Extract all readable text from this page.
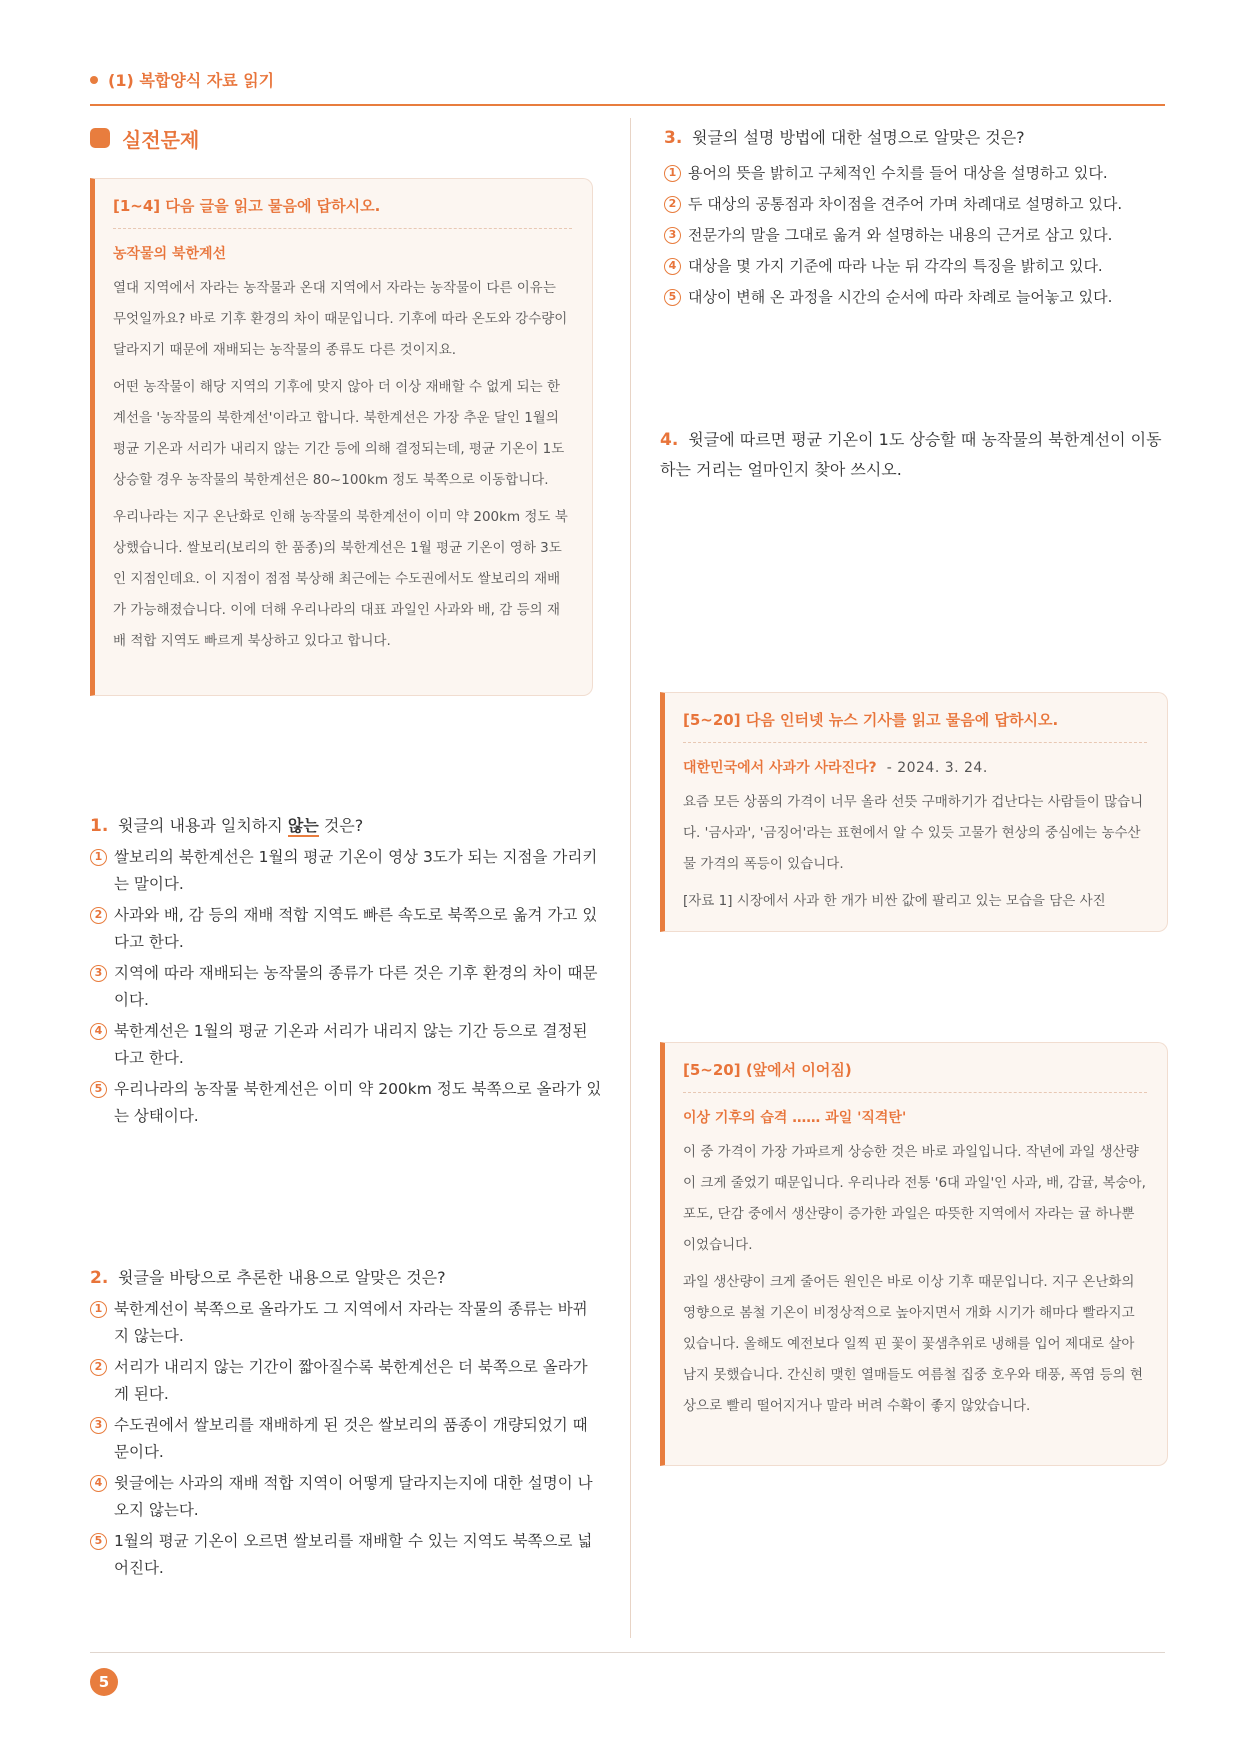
(1) 복합양식 자료 읽기
실전문제
[1~4] 다음 글을 읽고 물음에 답하시오.
농작물의 북한계선

열대 지역에서 자라는 농작물과 온대 지역에서 자라는 농작물이 다른 이유는 무엇일까요? 바로 기후 환경의 차이 때문입니다. 기후에 따라 온도와 강수량이 달라지기 때문에 재배되는 농작물의 종류도 다른 것이지요.

어떤 농작물이 해당 지역의 기후에 맞지 않아 더 이상 재배할 수 없게 되는 한계선을 '농작물의 북한계선'이라고 합니다. 북한계선은 가장 추운 달인 1월의 평균 기온과 서리가 내리지 않는 기간 등에 의해 결정되는데, 평균 기온이 1도 상승할 경우 농작물의 북한계선은 80~100km 정도 북쪽으로 이동합니다.

우리나라는 지구 온난화로 인해 농작물의 북한계선이 이미 약 200km 정도 북상했습니다. 쌀보리(보리의 한 품종)의 북한계선은 1월 평균 기온이 영하 3도인 지점인데요. 이 지점이 점점 북상해 최근에는 수도권에서도 쌀보리의 재배가 가능해졌습니다. 이에 더해 우리나라의 대표 과일인 사과와 배, 감 등의 재배 적합 지역도 빠르게 북상하고 있다고 합니다.

1. 윗글의 내용과 일치하지 않는 것은?
1 쌀보리의 북한계선은 1월의 평균 기온이 영상 3도가 되는 지점을 가리키는 말이다.
2 사과와 배, 감 등의 재배 적합 지역도 빠른 속도로 북쪽으로 옮겨 가고 있다고 한다.
3 지역에 따라 재배되는 농작물의 종류가 다른 것은 기후 환경의 차이 때문이다.
4 북한계선은 1월의 평균 기온과 서리가 내리지 않는 기간 등으로 결정된다고 한다.
5 우리나라의 농작물 북한계선은 이미 약 200km 정도 북쪽으로 올라가 있는 상태이다.
2. 윗글을 바탕으로 추론한 내용으로 알맞은 것은?
1 북한계선이 북쪽으로 올라가도 그 지역에서 자라는 작물의 종류는 바뀌지 않는다.
2 서리가 내리지 않는 기간이 짧아질수록 북한계선은 더 북쪽으로 올라가게 된다.
3 수도권에서 쌀보리를 재배하게 된 것은 쌀보리의 품종이 개량되었기 때문이다.
4 윗글에는 사과의 재배 적합 지역이 어떻게 달라지는지에 대한 설명이 나오지 않는다.
5 1월의 평균 기온이 오르면 쌀보리를 재배할 수 있는 지역도 북쪽으로 넓어진다.
3. 윗글의 설명 방법에 대한 설명으로 알맞은 것은?
1 용어의 뜻을 밝히고 구체적인 수치를 들어 대상을 설명하고 있다.
2 두 대상의 공통점과 차이점을 견주어 가며 차례대로 설명하고 있다.
3 전문가의 말을 그대로 옮겨 와 설명하는 내용의 근거로 삼고 있다.
4 대상을 몇 가지 기준에 따라 나눈 뒤 각각의 특징을 밝히고 있다.
5 대상이 변해 온 과정을 시간의 순서에 따라 차례로 늘어놓고 있다.
4. 윗글에 따르면 평균 기온이 1도 상승할 때 농작물의 북한계선이 이동하는 거리는 얼마인지 찾아 쓰시오.
[5~20] 다음 인터넷 뉴스 기사를 읽고 물음에 답하시오.
대한민국에서 사과가 사라진다? - 2024. 3. 24.

요즘 모든 상품의 가격이 너무 올라 선뜻 구매하기가 겁난다는 사람들이 많습니다. '금사과', '금징어'라는 표현에서 알 수 있듯 고물가 현상의 중심에는 농수산물 가격의 폭등이 있습니다.

[자료 1] 시장에서 사과 한 개가 비싼 값에 팔리고 있는 모습을 담은 사진

[5~20] (앞에서 이어짐)
이상 기후의 습격 …… 과일 '직격탄'

이 중 가격이 가장 가파르게 상승한 것은 바로 과일입니다. 작년에 과일 생산량이 크게 줄었기 때문입니다. 우리나라 전통 '6대 과일'인 사과, 배, 감귤, 복숭아, 포도, 단감 중에서 생산량이 증가한 과일은 따뜻한 지역에서 자라는 귤 하나뿐이었습니다.

과일 생산량이 크게 줄어든 원인은 바로 이상 기후 때문입니다. 지구 온난화의 영향으로 봄철 기온이 비정상적으로 높아지면서 개화 시기가 해마다 빨라지고 있습니다. 올해도 예전보다 일찍 핀 꽃이 꽃샘추위로 냉해를 입어 제대로 살아남지 못했습니다. 간신히 맺힌 열매들도 여름철 집중 호우와 태풍, 폭염 등의 현상으로 빨리 떨어지거나 말라 버려 수확이 좋지 않았습니다.

5
